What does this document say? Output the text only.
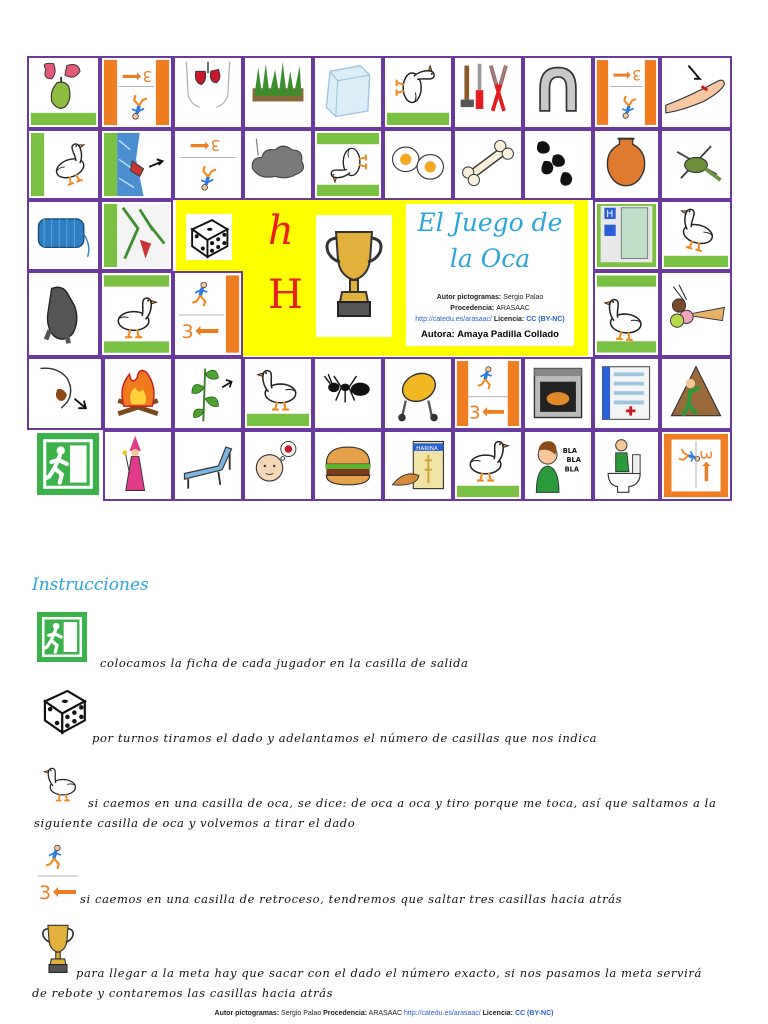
h
H
El Juego de
la Oca
Autor pictogramas: Sergio Palao
Procedencia: ARASAAC
http://catedu.es/arasaac/ Licencia: CC (BY-NC)
Autora: Amaya Padilla Collado
H
HARINA	BLA
BLA
BLA
Instrucciones
colocamos la ficha de cada jugador en la casilla de salida
por turnos tiramos el dado y adelantamos el número de casillas que nos indica
si caemos en una casilla de oca, se dice: de oca a oca y tiro porque me toca, así que saltamos a la
siguiente casilla de oca y volvemos a tirar el dado
si caemos en una casilla de retroceso, tendremos que saltar tres casillas hacia atrás
para llegar a la meta hay que sacar con el dado el número exacto, si nos pasamos la meta servirá
de rebote y contaremos las casillas hacia atrás
Autor pictogramas: Sergio Palao Procedencia: ARASAAC http://catedu.es/arasaac/ Licencia: CC (BY-NC)
